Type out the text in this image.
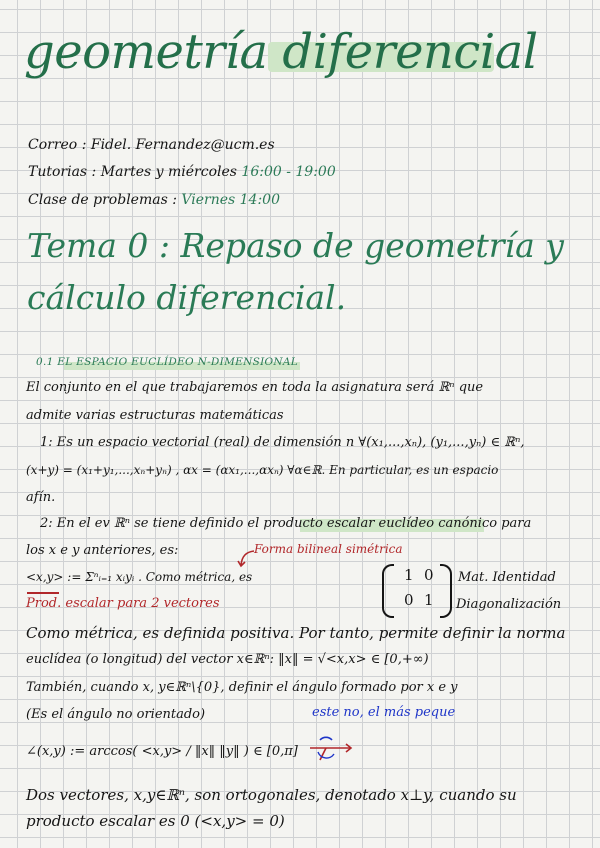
geometría diferencial
Correo : Fidel. Fernandez@ucm.es
Tutorias : Martes y miércoles 16:00 - 19:00
Clase de problemas : Viernes 14:00
Tema 0 : Repaso de geometría y
cálculo diferencial.
0.1 EL ESPACIO EUCLÍDEO N-DIMENSIONAL
El conjunto en el que trabajaremos en toda la asignatura será ℝⁿ que
admite varias estructuras matemáticas
1: Es un espacio vectorial (real) de dimensión n ∀(x₁,...,xₙ), (y₁,...,yₙ) ∈ ℝⁿ,
(x+y) = (x₁+y₁,...,xₙ+yₙ) , αx = (αx₁,...,αxₙ) ∀α∈ℝ. En particular, es un espacio
afín.
2: En el ev ℝⁿ se tiene definido el producto escalar euclídeo canónico para
los x e y anteriores, es:	Forma bilineal simétrica
<x,y> := Σⁿᵢ₌₁ xᵢyᵢ . Como métrica, es
Prod. escalar para 2 vectores
1 0
0 1
Mat. Identidad
Diagonalización
Como métrica, es definida positiva. Por tanto, permite definir la norma
euclídea (o longitud) del vector x∈ℝⁿ: ‖x‖ = √<x,x> ∈ [0,+∞)
También, cuando x, y∈ℝⁿ\{0}, definir el ángulo formado por x e y
(Es el ángulo no orientado)	este no, el más peque
∠(x,y) := arccos( <x,y> / ‖x‖ ‖y‖ ) ∈ [0,π]
Dos vectores, x,y∈ℝⁿ, son ortogonales, denotado x⊥y, cuando su
producto escalar es 0 (<x,y> = 0)
